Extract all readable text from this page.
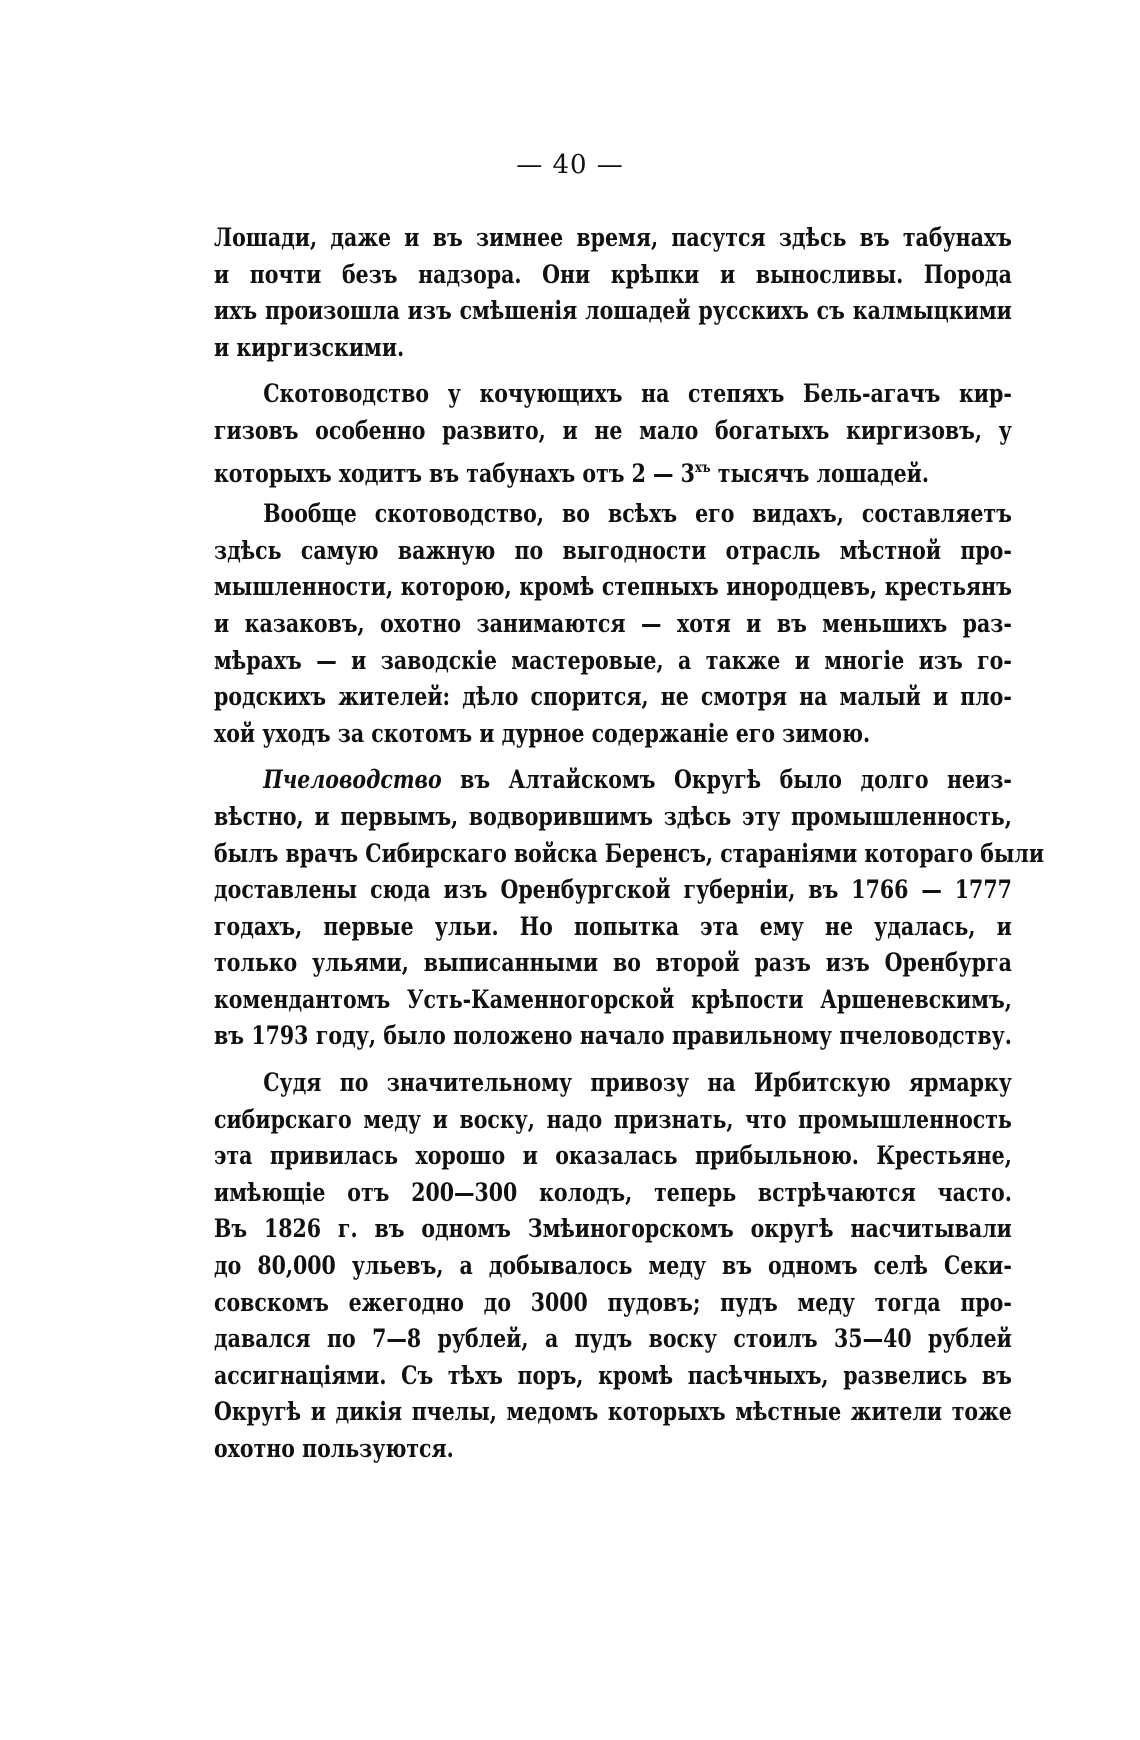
— 40 —
Лошади, даже и въ зимнее время, пасутся здѣсь въ табунахъ
и почти безъ надзора. Они крѣпки и выносливы. Порода
ихъ произошла изъ смѣшенія лошадей русскихъ съ калмыцкими
и киргизскими.
Скотоводство у кочующихъ на степяхъ Бель-агачъ кир-
гизовъ особенно развито, и не мало богатыхъ киргизовъ, у
которыхъ ходитъ въ табунахъ отъ 2 — $3^{хъ}$ тысячъ лошадей.
Вообще скотоводство, во всѣхъ его видахъ, составляетъ
здѣсь самую важную по выгодности отрасль мѣстной про-
мышленности, которою, кромѣ степныхъ инородцевъ, крестьянъ
и казаковъ, охотно занимаются — хотя и въ меньшихъ раз-
мѣрахъ — и заводскіе мастеровые, а также и многіе изъ го-
родскихъ жителей: дѣло спорится, не смотря на малый и пло-
хой уходъ за скотомъ и дурное содержаніе его зимою.
Пчеловодство въ Алтайскомъ Округѣ было долго неиз-
вѣстно, и первымъ, водворившимъ здѣсь эту промышленность,
былъ врачъ Сибирскаго войска Беренсъ, стараніями котораго были
доставлены сюда изъ Оренбургской губерніи, въ 1766 — 1777
годахъ, первые ульи. Но попытка эта ему не удалась, и
только ульями, выписанными во второй разъ изъ Оренбурга
комендантомъ Усть-Каменногорской крѣпости Аршеневскимъ,
въ 1793 году, было положено начало правильному пчеловодству.
Судя по значительному привозу на Ирбитскую ярмарку
сибирскаго меду и воску, надо признать, что промышленность
эта привилась хорошо и оказалась прибыльною. Крестьяне,
имѣющіе отъ 200—300 колодъ, теперь встрѣчаются часто.
Въ 1826 г. въ одномъ Змѣиногорскомъ округѣ насчитывали
до 80,000 ульевъ, а добывалось меду въ одномъ селѣ Секи-
совскомъ ежегодно до 3000 пудовъ; пудъ меду тогда про-
давался по 7—8 рублей, а пудъ воску стоилъ 35—40 рублей
ассигнаціями. Съ тѣхъ поръ, кромѣ пасѣчныхъ, развелись въ
Округѣ и дикія пчелы, медомъ которыхъ мѣстные жители тоже
охотно пользуются.
